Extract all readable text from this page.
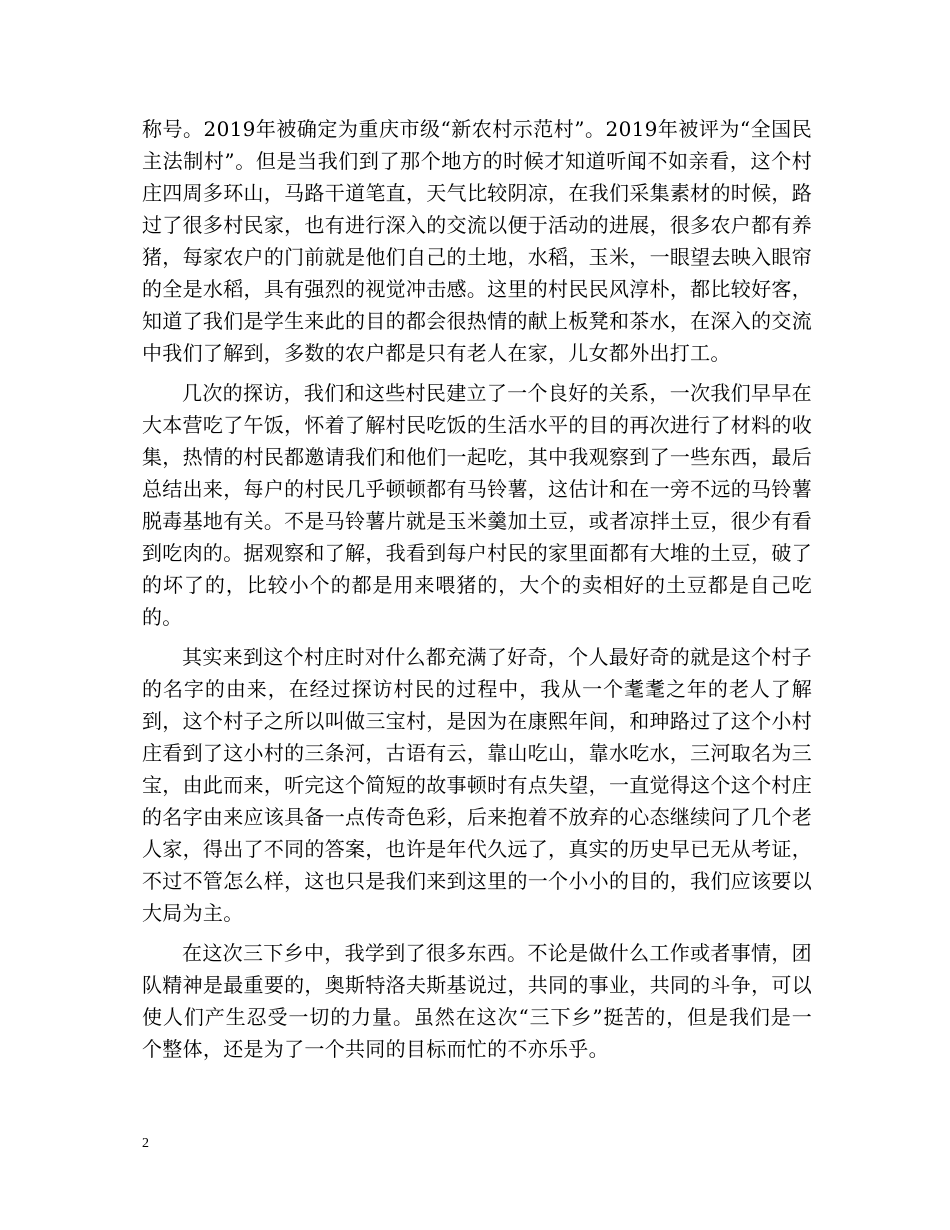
称号。2019年被确定为重庆市级“新农村示范村”。2019年被评为“全国民主法制村”。但是当我们到了那个地方的时候才知道听闻不如亲看，这个村庄四周多环山，马路干道笔直，天气比较阴凉，在我们采集素材的时候，路过了很多村民家，也有进行深入的交流以便于活动的进展，很多农户都有养猪，每家农户的门前就是他们自己的土地，水稻，玉米，一眼望去映入眼帘的全是水稻，具有强烈的视觉冲击感。这里的村民民风淳朴，都比较好客，知道了我们是学生来此的目的都会很热情的献上板凳和茶水，在深入的交流中我们了解到，多数的农户都是只有老人在家，儿女都外出打工。

几次的探访，我们和这些村民建立了一个良好的关系，一次我们早早在大本营吃了午饭，怀着了解村民吃饭的生活水平的目的再次进行了材料的收集，热情的村民都邀请我们和他们一起吃，其中我观察到了一些东西，最后总结出来，每户的村民几乎顿顿都有马铃薯，这估计和在一旁不远的马铃薯脱毒基地有关。不是马铃薯片就是玉米羹加土豆，或者凉拌土豆，很少有看到吃肉的。据观察和了解，我看到每户村民的家里面都有大堆的土豆，破了的坏了的，比较小个的都是用来喂猪的，大个的卖相好的土豆都是自己吃的。

其实来到这个村庄时对什么都充满了好奇，个人最好奇的就是这个村子的名字的由来，在经过探访村民的过程中，我从一个耄耄之年的老人了解到，这个村子之所以叫做三宝村，是因为在康熙年间，和珅路过了这个小村庄看到了这小村的三条河，古语有云，靠山吃山，靠水吃水，三河取名为三宝，由此而来，听完这个简短的故事顿时有点失望，一直觉得这个这个村庄的名字由来应该具备一点传奇色彩，后来抱着不放弃的心态继续问了几个老人家，得出了不同的答案，也许是年代久远了，真实的历史早已无从考证，不过不管怎么样，这也只是我们来到这里的一个小小的目的，我们应该要以大局为主。

在这次三下乡中，我学到了很多东西。不论是做什么工作或者事情，团队精神是最重要的，奥斯特洛夫斯基说过，共同的事业，共同的斗争，可以使人们产生忍受一切的力量。虽然在这次“三下乡”挺苦的，但是我们是一个整体，还是为了一个共同的目标而忙的不亦乐乎。

2
